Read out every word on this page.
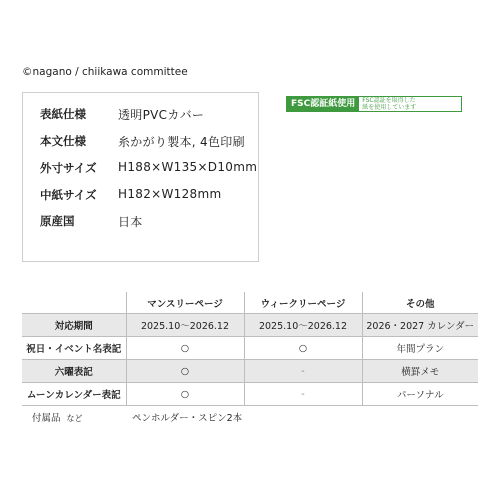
©nagano / chiikawa committee
表紙仕様	透明PVCカバー
本文仕様	糸かがり製本, 4色印刷
外寸サイズ	H188×W135×D10mm
中紙サイズ	H182×W128mm
原産国	日本
FSC認証紙使用	FSC認証を取得した
紙を使用しています
	マンスリーページ	ウィークリーページ	その他
対応期間	2025.10〜2026.12	2025.10〜2026.12	2026・2027 カレンダー
祝日・イベント名表記	○	○	年間プラン
六曜表記	○	-	横罫メモ
ムーンカレンダー表記	○	-	パーソナル
付属品 など	ペンホルダー・スピン2本		
